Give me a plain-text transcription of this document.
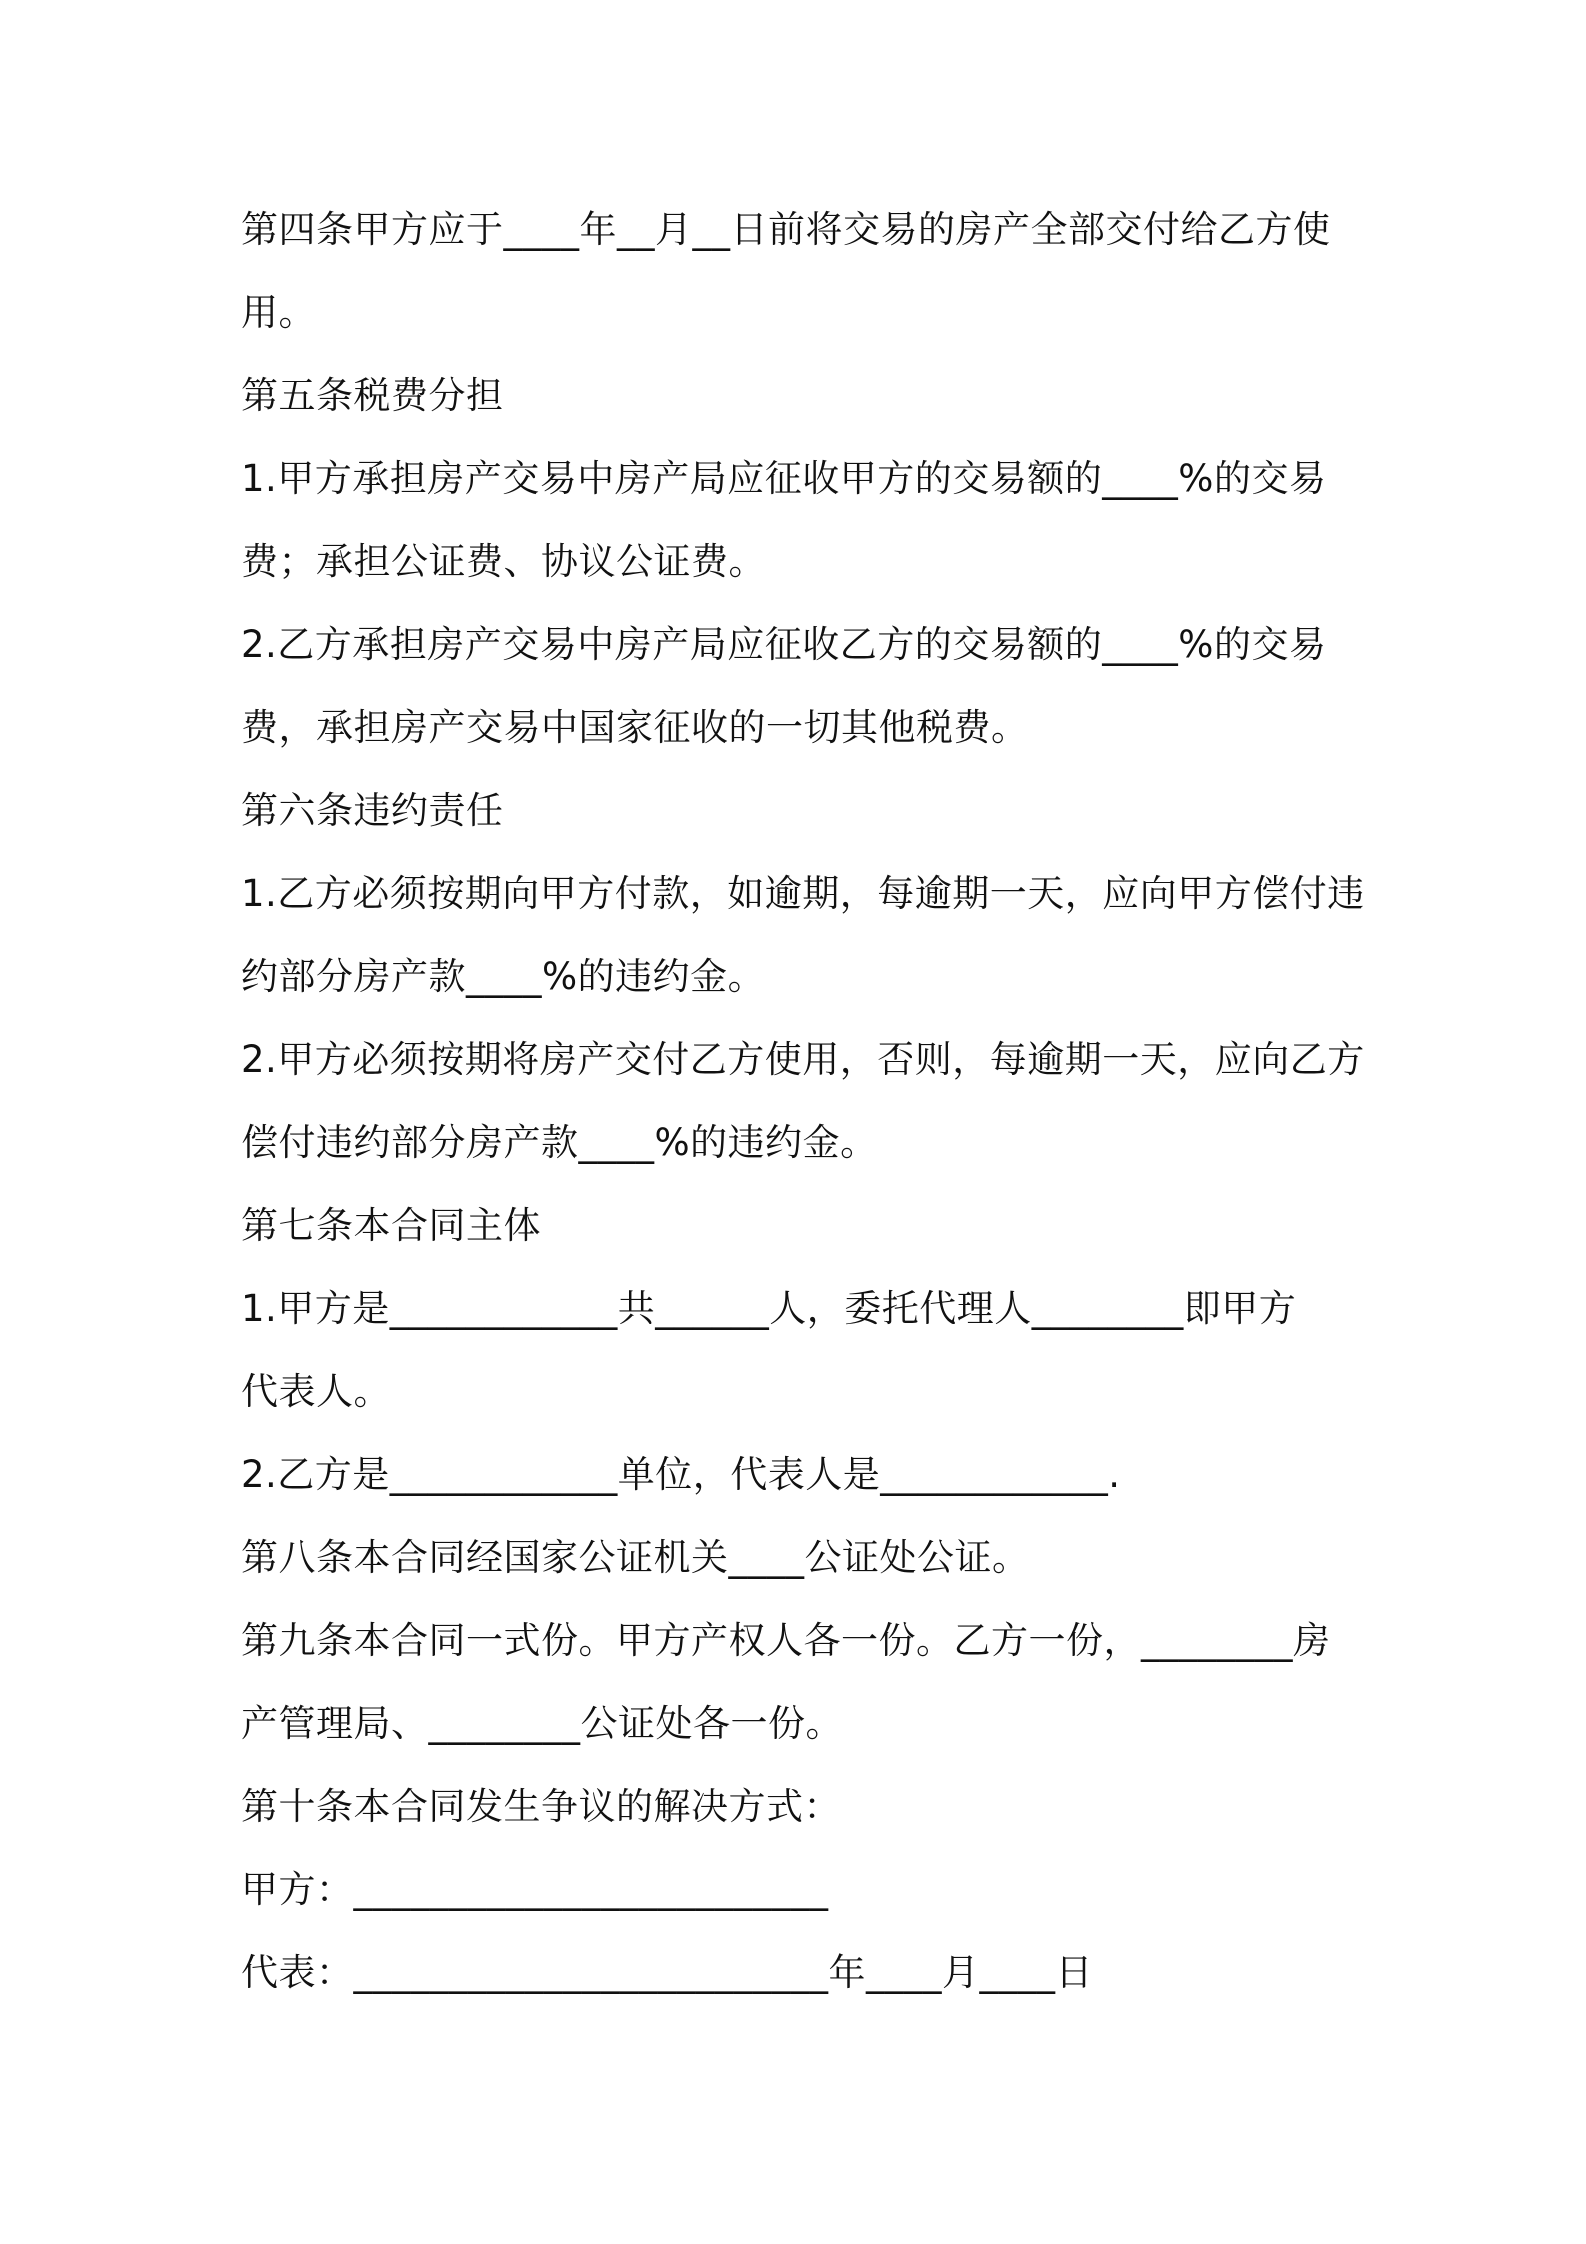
第四条甲方应于____年__月__日前将交易的房产全部交付给乙方使
用。
第五条税费分担
1.甲方承担房产交易中房产局应征收甲方的交易额的____%的交易
费；承担公证费、协议公证费。
2.乙方承担房产交易中房产局应征收乙方的交易额的____%的交易
费，承担房产交易中国家征收的一切其他税费。
第六条违约责任
1.乙方必须按期向甲方付款，如逾期，每逾期一天，应向甲方偿付违
约部分房产款____%的违约金。
2.甲方必须按期将房产交付乙方使用，否则，每逾期一天，应向乙方
偿付违约部分房产款____%的违约金。
第七条本合同主体
1.甲方是____________共______人，委托代理人________即甲方
代表人。
2.乙方是____________单位，代表人是____________.
第八条本合同经国家公证机关____公证处公证。
第九条本合同一式份。甲方产权人各一份。乙方一份，________房
产管理局、________公证处各一份。
第十条本合同发生争议的解决方式：
甲方：_________________________
代表：_________________________年____月____日
